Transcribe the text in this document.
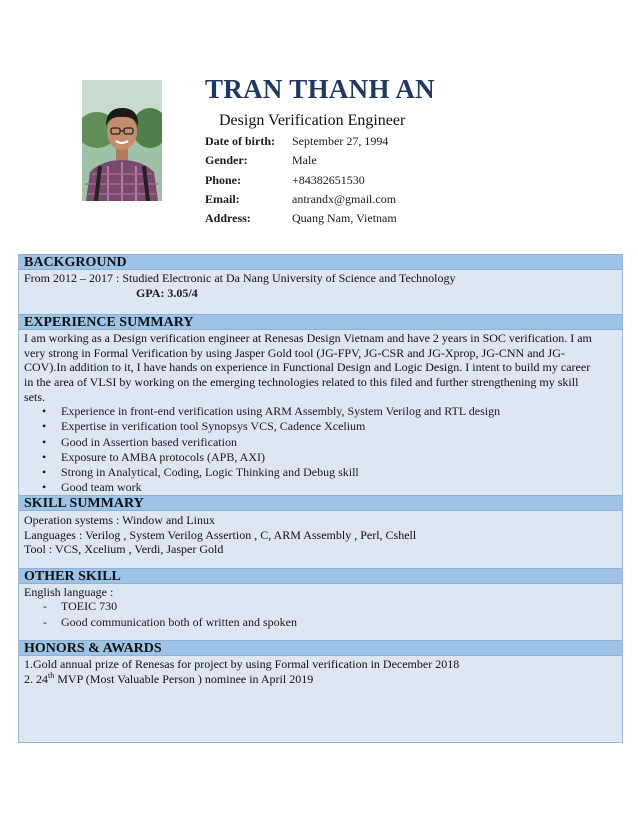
TRAN THANH AN
Design Verification Engineer
Date of birth:	September 27, 1994
Gender:	Male
Phone:	+84382651530
Email:	antrandx@gmail.com
Address:	Quang Nam, Vietnam
BACKGROUND
From 2012 – 2017 : Studied Electronic at Da Nang University of Science and Technology
GPA: 3.05/4
EXPERIENCE SUMMARY
I am working as a Design verification engineer at Renesas Design Vietnam and have 2 years in SOC verification. I am
very strong in Formal Verification by using Jasper Gold tool (JG-FPV, JG-CSR and JG-Xprop, JG-CNN and JG-
COV).In addition to it, I have hands on experience in Functional Design and Logic Design. I intent to build my career
in the area of VLSI by working on the emerging technologies related to this filed and further strengthening my skill
sets.
• Experience in front-end verification using ARM Assembly, System Verilog and RTL design
• Expertise in verification tool Synopsys VCS, Cadence Xcelium
• Good in Assertion based verification
• Exposure to AMBA protocols (APB, AXI)
• Strong in Analytical, Coding, Logic Thinking and Debug skill
• Good team work
SKILL SUMMARY
Operation systems : Window and Linux
Languages : Verilog , System Verilog Assertion , C, ARM Assembly , Perl, Cshell
Tool : VCS, Xcelium , Verdi, Jasper Gold
OTHER SKILL
English language :
- TOEIC 730
- Good communication both of written and spoken
HONORS & AWARDS
1.Gold annual prize of Renesas for project by using Formal verification in December 2018
2. 24th MVP (Most Valuable Person ) nominee in April 2019
